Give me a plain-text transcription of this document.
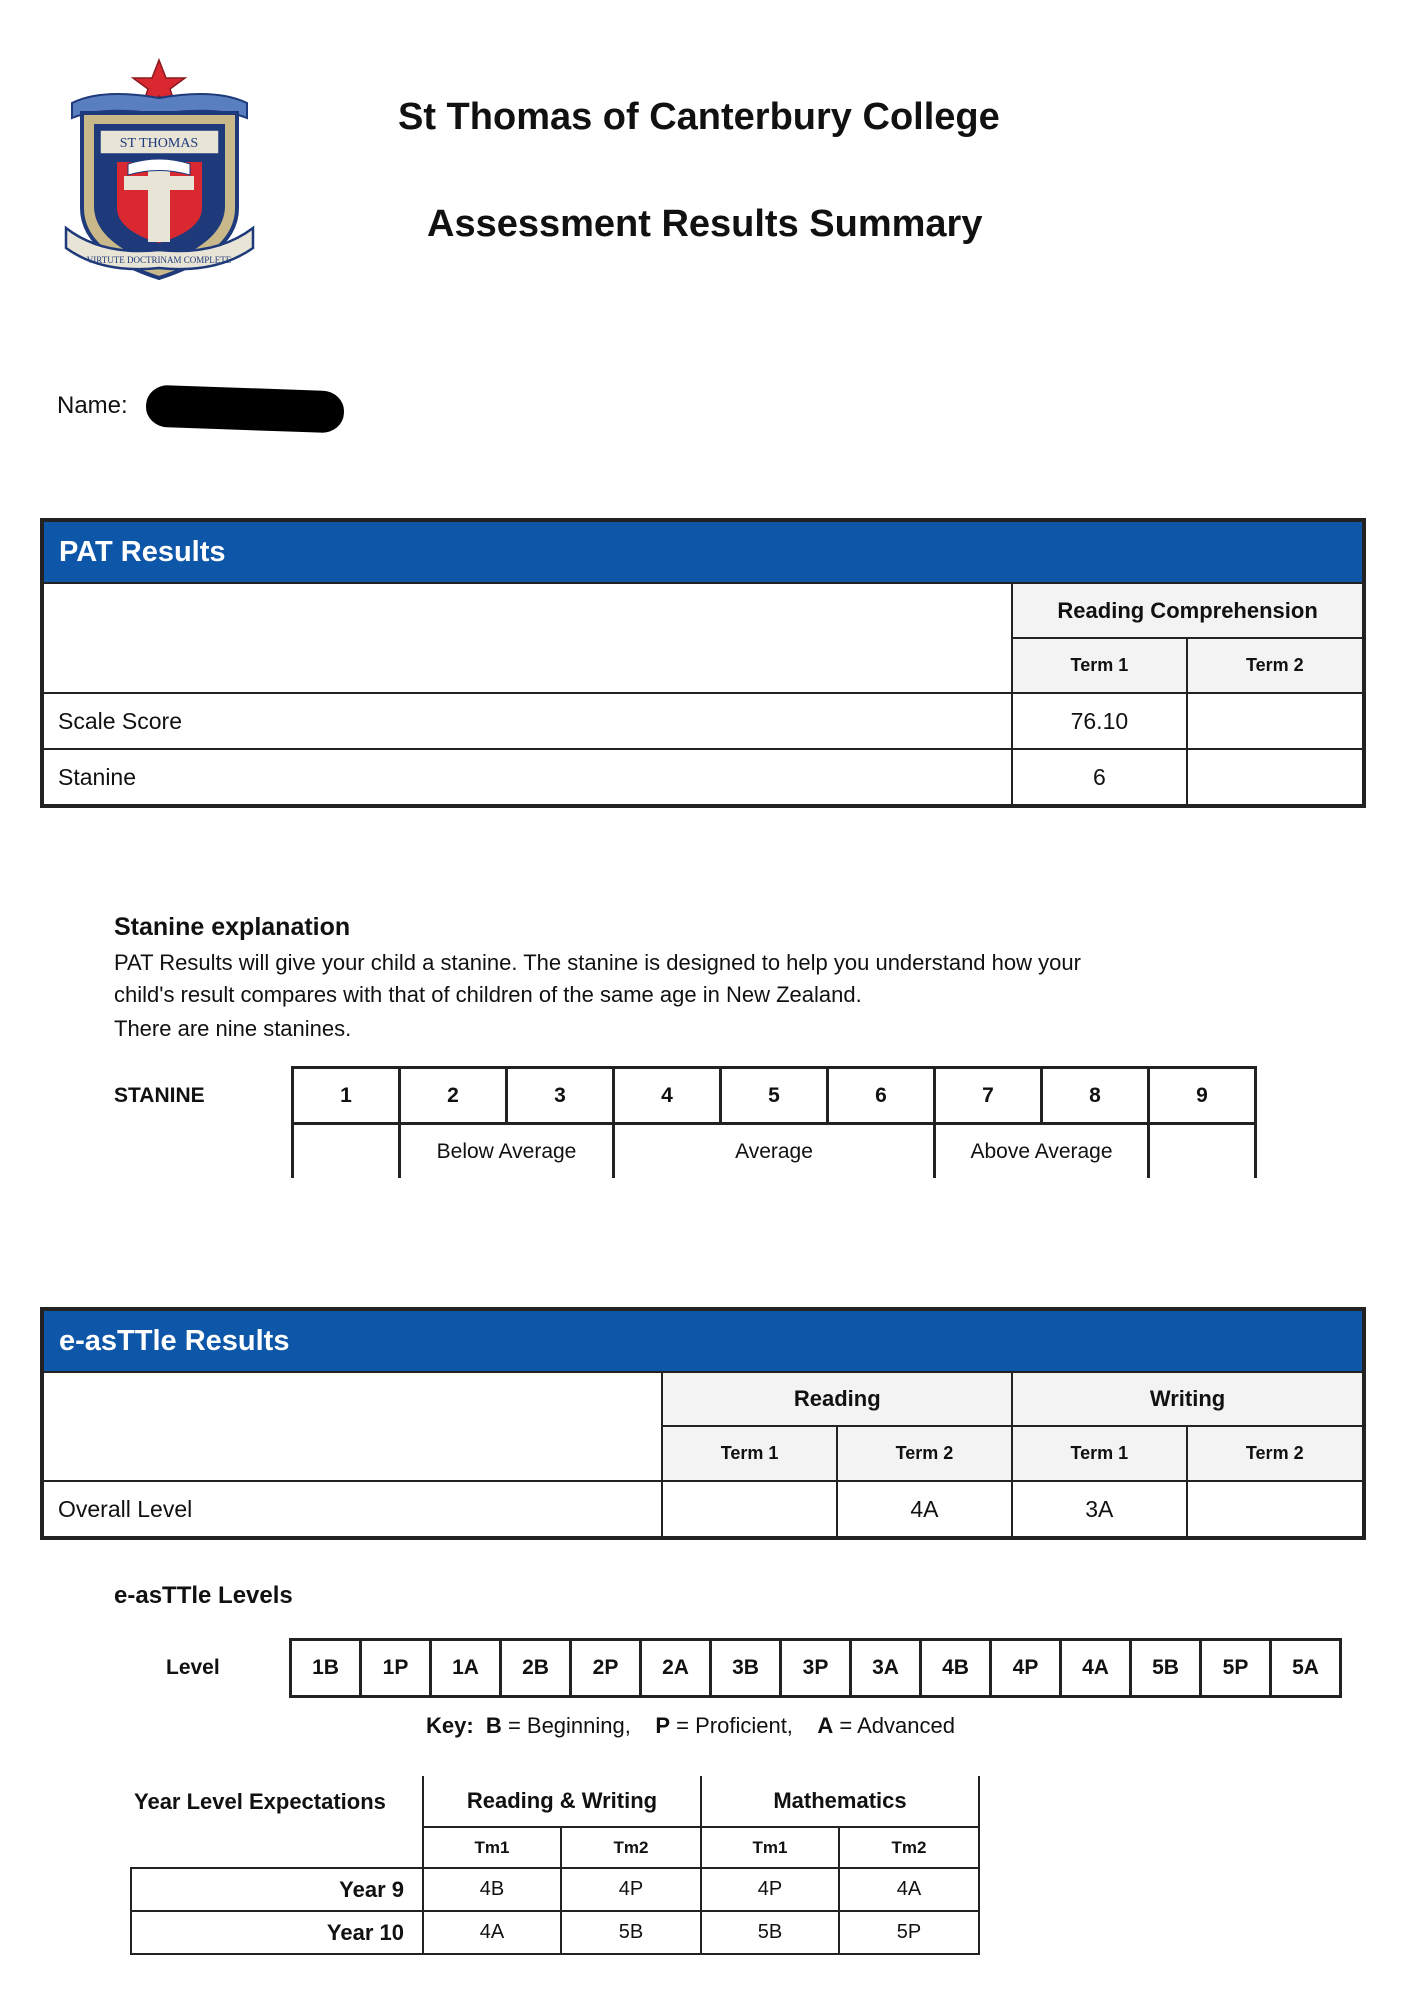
ST THOMAS
VIRTUTE DOCTRINAM COMPLETE
St Thomas of Canterbury College
Assessment Results Summary
Name:
PAT Results		
	Reading Comprehension	
	Term 1	Term 2
Scale Score	76.10	
Stanine	6	
Stanine explanation
PAT Results will give your child a stanine. The stanine is designed to help you understand how your
child's result compares with that of children of the same age in New Zealand.
There are nine stanines.
STANINE	1	2	3	4	5	6	7	8	9
		Below Average		Average			Above Average		
e-asTTle Results				
	Reading		Writing	
	Term 1	Term 2	Term 1	Term 2
Overall Level		4A	3A	
e-asTTle Levels
Level	1B	1P	1A	2B	2P	2A	3B	3P	3A	4B	4P	4A	5B	5P	5A
Key: B = Beginning, P = Proficient, A = Advanced
Year Level Expectations	Reading & Writing		Mathematics	
	Tm1	Tm2	Tm1	Tm2
Year 9	4B	4P	4P	4A
Year 10	4A	5B	5B	5P
